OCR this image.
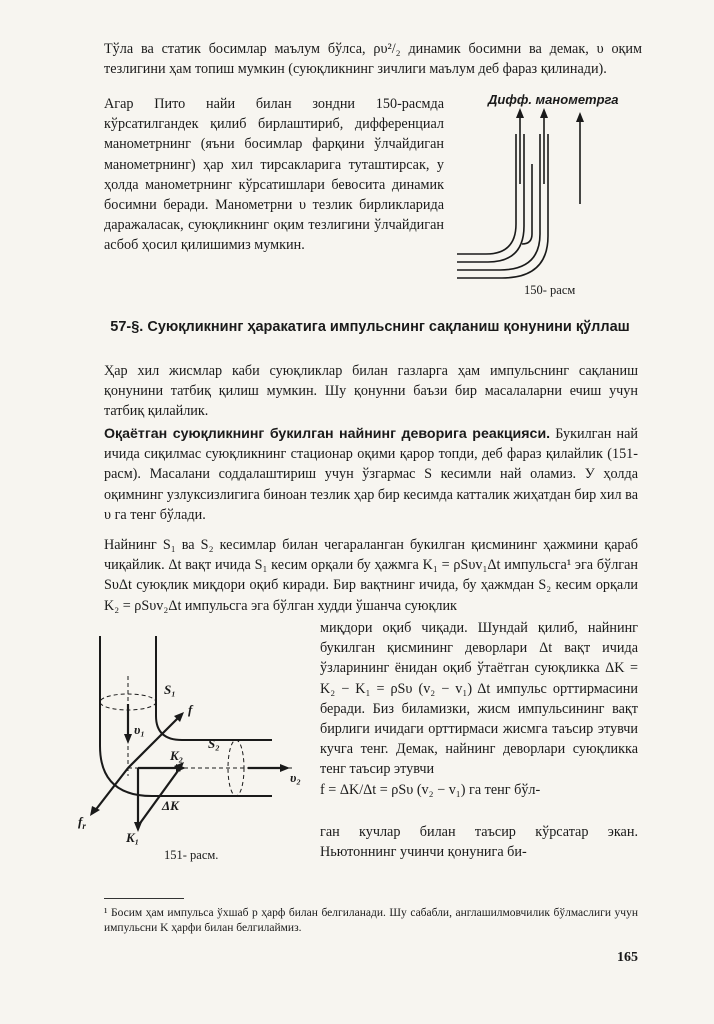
Тўла ва статик босимлар маълум бўлса, ρυ²/₂ динамик босимни ва демак, υ оқим тезлигини ҳам топиш мумкин (суюқликнинг зичлиги маълум деб фараз қилинади).

Агар Пито найи билан зондни 150-расмда кўрсатилгандек қилиб бирлаштириб, дифференциал манометрнинг (яъни босимлар фарқини ўлчайдиган манометрнинг) ҳар хил тирсакларига туташтирсак, у ҳолда манометрнинг кўрсатишлари бевосита динамик босимни беради. Манометрни υ тезлик бирликларида даражаласак, суюқликнинг оқим тезлигини ўлчайдиган асбоб ҳосил қилишимиз мумкин.

Дифф. манометрга

150- расм

57-§. Суюқликнинг ҳаракатига импульснинг сақланиш қонунини қўллаш

Ҳар хил жисмлар каби суюқликлар билан газларга ҳам импульснинг сақланиш қонунини татбиқ қилиш мумкин. Шу қонунни баъзи бир масалаларни ечиш учун татбиқ қилайлик.

Оқаётган суюқликнинг букилган найнинг деворига реакцияси. Букилган най ичида сиқилмас суюқликнинг стационар оқими қарор топди, деб фараз қилайлик (151-расм). Масалани соддалаштириш учун ўзгармас S кесимли най оламиз. У ҳолда оқимнинг узлуксизлигига биноан тезлик ҳар бир кесимда катталик жиҳатдан бир хил ва υ га тенг бўлади.

Найнинг S₁ ва S₂ кесимлар билан чегараланган букилган қисмининг ҳажмини қараб чиқайлик. Δt вақт ичида S₁ кесим орқали бу ҳажмга K₁ = ρSυv₁Δt импульсга¹ эга бўлган SυΔt суюқлик миқдори оқиб киради. Бир вақтнинг ичида, бу ҳажмдан S₂ кесим орқали K₂ = ρSυv₂Δt импульсга эга бўлган худди ўшанча суюқлик

S₁
υ₁
f
S₂
K₂
υ₂
ΔK
K₁
$f_r$

151- расм.

миқдори оқиб чиқади. Шундай қилиб, найнинг букилган қисмининг деворлари Δt вақт ичида ўзларининг ёнидан оқиб ўтаётган суюқликка ΔK = K₂ − K₁ = ρSυ (v₂ − v₁) Δt импульс орттирмасини беради. Биз биламизки, жисм импульсининг вақт бирлиги ичидаги орттирмаси жисмга таъсир этувчи кучга тенг. Демак, найнинг деворлари суюқликка тенг таъсир этувчи
f = ΔK/Δt = ρSυ (v₂ − v₁) га тенг бўл-

ган кучлар билан таъсир кўрсатар экан. Ньютоннинг учинчи қонунига би-

¹ Босим ҳам импульса ўхшаб p ҳарф билан белгиланади. Шу сабабли, англашилмовчилик бўлмаслиги учун импульсни K ҳарфи билан белгилаймиз.

165
